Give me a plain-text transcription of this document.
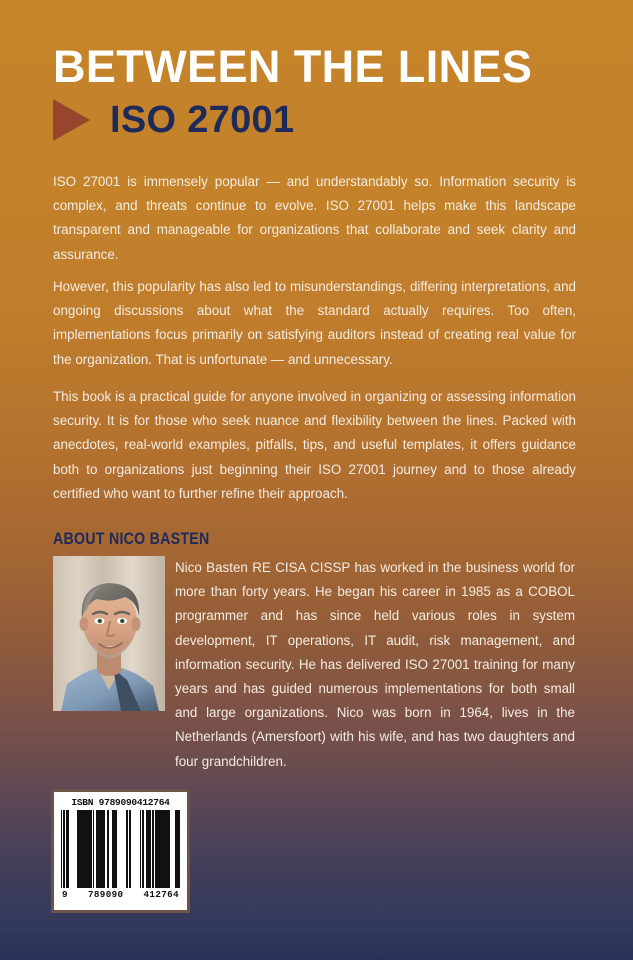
BETWEEN THE LINES
ISO 27001
ISO 27001 is immensely popular — and understandably so. Information security is complex, and threats continue to evolve. ISO 27001 helps make this landscape transparent and manageable for organizations that collaborate and seek clarity and assurance.
However, this popularity has also led to misunderstandings, differing interpretations, and ongoing discussions about what the standard actually requires. Too often, implementations focus primarily on satisfying auditors instead of creating real value for the organization. That is unfortunate — and unnecessary.
This book is a practical guide for anyone involved in organizing or assessing information security. It is for those who seek nuance and flexibility between the lines. Packed with anecdotes, real-world examples, pitfalls, tips, and useful templates, it offers guidance both to organizations just beginning their ISO 27001 journey and to those already certified who want to further refine their approach.
ABOUT NICO BASTEN
Nico Basten RE CISA CISSP has worked in the business world for more than forty years. He began his career in 1985 as a COBOL programmer and has since held various roles in system development, IT operations, IT audit, risk management, and information security. He has delivered ISO 27001 training for many years and has guided numerous implementations for both small and large organizations. Nico was born in 1964, lives in the Netherlands (Amersfoort) with his wife, and has two daughters and four grandchildren.
ISBN 9789090412764
9 789090 412764
